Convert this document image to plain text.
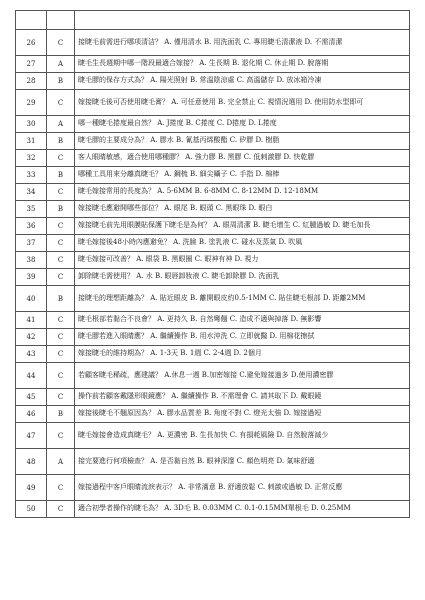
26	C	接睫毛前需进行哪项清洁？ A. 僅用清水 B. 用洗面乳 C. 專用睫毛清潔液 D. 不需清潔
27	A	睫毛生長週期中哪一階段最適合嫁接？ A. 生長期 B. 退化期 C. 休止期 D. 脫落期
28	B	睫毛膠的保存方式為？ A. 陽光照射 B. 常溫陰涼處 C. 高溫儲存 D. 放冰箱冷凍
29	C	嫁接睫毛後可否使用睫毛膏？ A. 可任意使用 B. 完全禁止 C. 視情況選用 D. 使用防水型即可
30	A	哪一種睫毛捲度最自然？ A. J捲度 B. C捲度 C. D捲度 D. L捲度
31	B	睫毛膠的主要成分為？ A. 膠水 B. 氰基丙烯酸酯 C. 矽膠 D. 樹脂
32	C	客人眼睛敏感，適合使用哪種膠？ A. 強力膠 B. 黑膠 C. 低刺激膠 D. 快乾膠
33	B	哪種工具用來分離真睫毛？ A. 鋼梳 B. 細尖鑷子 C. 手指 D. 棉棒
34	C	睫毛嫁接常用的長度為？ A. 5-6MM B. 6-8MM C. 8-12MM D. 12-18MM
35	B	嫁接睫毛應避開哪些部位？ A. 眼尾 B. 眼頭 C. 黑眼珠 D. 眼白
36	C	嫁接睫毛前先用眼膜貼保護下睫毛是為何？ A. 眼周清潔 B. 睫毛增生 C. 紅腫過敏 D. 睫毛加長
37	C	睫毛嫁接後48小時內應避免？ A. 洗臉 B. 塗乳液 C. 碰水及蒸氣 D. 吹風
38	C	睫毛嫁接可改善？ A. 眼袋 B. 黑眼圈 C. 眼神有神 D. 視力
39	C	卸除睫毛需使用？ A. 水 B. 眼唇卸妝液 C. 睫毛卸除膠 D. 洗面乳
40	B	接睫毛的理想距離為？ A. 貼近眼皮 B. 離開眼皮約0.5-1MM C. 貼住睫毛根部 D. 距離2MM
41	C	睫毛根部若黏合不良會？ A. 更持久 B. 自然彎翹 C. 造成不適與掉落 D. 無影響
42	C	睫毛膠若進入眼睛應？ A. 繼續操作 B. 用水沖洗 C. 立即就醫 D. 用棉花擦拭
43	C	嫁接睫毛的維持期為？ A. 1-3天 B. 1週 C. 2-4週 D. 2個月
44	C	若顧客睫毛稀疏，應建議？ A.休息一週 B.加密嫁接 C.避免嫁接過多 D.使用濃密膠
45	C	操作前若顧客戴隱形眼鏡應？ A. 繼續操作 B. 不需理會 C. 請其取下 D. 戴眼鏡
46	B	嫁接後睫毛不翹原因為？ A. 膠水品質差 B. 角度不對 C. 燈光太強 D. 嫁接過短
47	C	睫毛嫁接會造成真睫毛？ A. 更濃密 B. 生長加快 C. 有損耗風險 D. 自然脫落減少
48	A	接完要進行何項檢查？ A. 是否黏自然 B. 眼神深邃 C. 顏色明亮 D. 氣味舒適
49	C	嫁接過程中客戶眼睛流淚表示？ A. 非常滿意 B. 舒適放鬆 C. 刺激或過敏 D. 正常反應
50	C	適合初學者操作的睫毛為？ A. 3D毛 B. 0.03MM C. 0.1-0.15MM單根毛 D. 0.25MM
